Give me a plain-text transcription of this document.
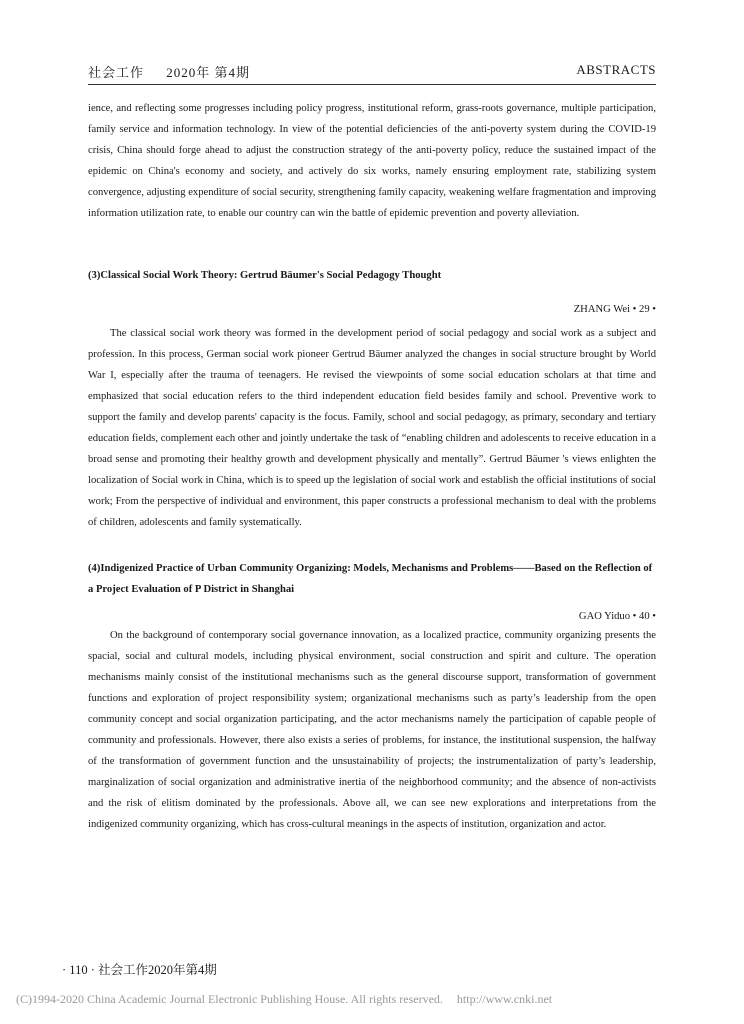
社会工作 2020年 第4期	ABSTRACTS

ience, and reflecting some progresses including policy progress, institutional reform, grass-roots governance, multiple participation, family service and information technology. In view of the potential deficiencies of the anti-poverty system during the COVID-19 crisis, China should forge ahead to adjust the construction strategy of the anti-poverty policy, reduce the sustained impact of the epidemic on China's economy and society, and actively do six works, namely ensuring employment rate, stabilizing system convergence, adjusting expenditure of social security, strengthening family capacity, weakening welfare fragmentation and improving information utilization rate, to enable our country can win the battle of epidemic prevention and poverty alleviation.

(3)Classical Social Work Theory: Gertrud Bäumer's Social Pedagogy Thought

ZHANG Wei • 29 •

The classical social work theory was formed in the development period of social pedagogy and social work as a subject and profession. In this process, German social work pioneer Gertrud Bäumer analyzed the changes in social structure brought by World War I, especially after the trauma of teenagers. He revised the viewpoints of some social education scholars at that time and emphasized that social education refers to the third independent education field besides family and school. Preventive work to support the family and develop parents' capacity is the focus. Family, school and social pedagogy, as primary, secondary and tertiary education fields, complement each other and jointly undertake the task of “enabling children and adolescents to receive education in a broad sense and promoting their healthy growth and development physically and mentally”. Gertrud Bäumer 's views enlighten the localization of Social work in China, which is to speed up the legislation of social work and establish the official institutions of social work; From the perspective of individual and environment, this paper constructs a professional mechanism to deal with the problems of children, adolescents and family systematically.

(4)Indigenized Practice of Urban Community Organizing: Models, Mechanisms and Problems——Based on the Reflection of a Project Evaluation of P District in Shanghai

GAO Yiduo • 40 •

On the background of contemporary social governance innovation, as a localized practice, community organizing presents the spacial, social and cultural models, including physical environment, social construction and spirit and culture. The operation mechanisms mainly consist of the institutional mechanisms such as the general discourse support, transformation of government functions and exploration of project responsibility system; organizational mechanisms such as party’s leadership from the open community concept and social organization participating, and the actor mechanisms namely the participation of capable people of community and professionals. However, there also exists a series of problems, for instance, the institutional suspension, the halfway of the transformation of government function and the unsustainability of projects; the instrumentalization of party’s leadership, marginalization of social organization and administrative inertia of the neighborhood community; and the absence of non-activists and the risk of elitism dominated by the professionals. Above all, we can see new explorations and interpretations from the indigenized community organizing, which has cross-cultural meanings in the aspects of institution, organization and actor.

· 110 · 社会工作2020年第4期
(C)1994-2020 China Academic Journal Electronic Publishing House. All rights reserved. http://www.cnki.net
